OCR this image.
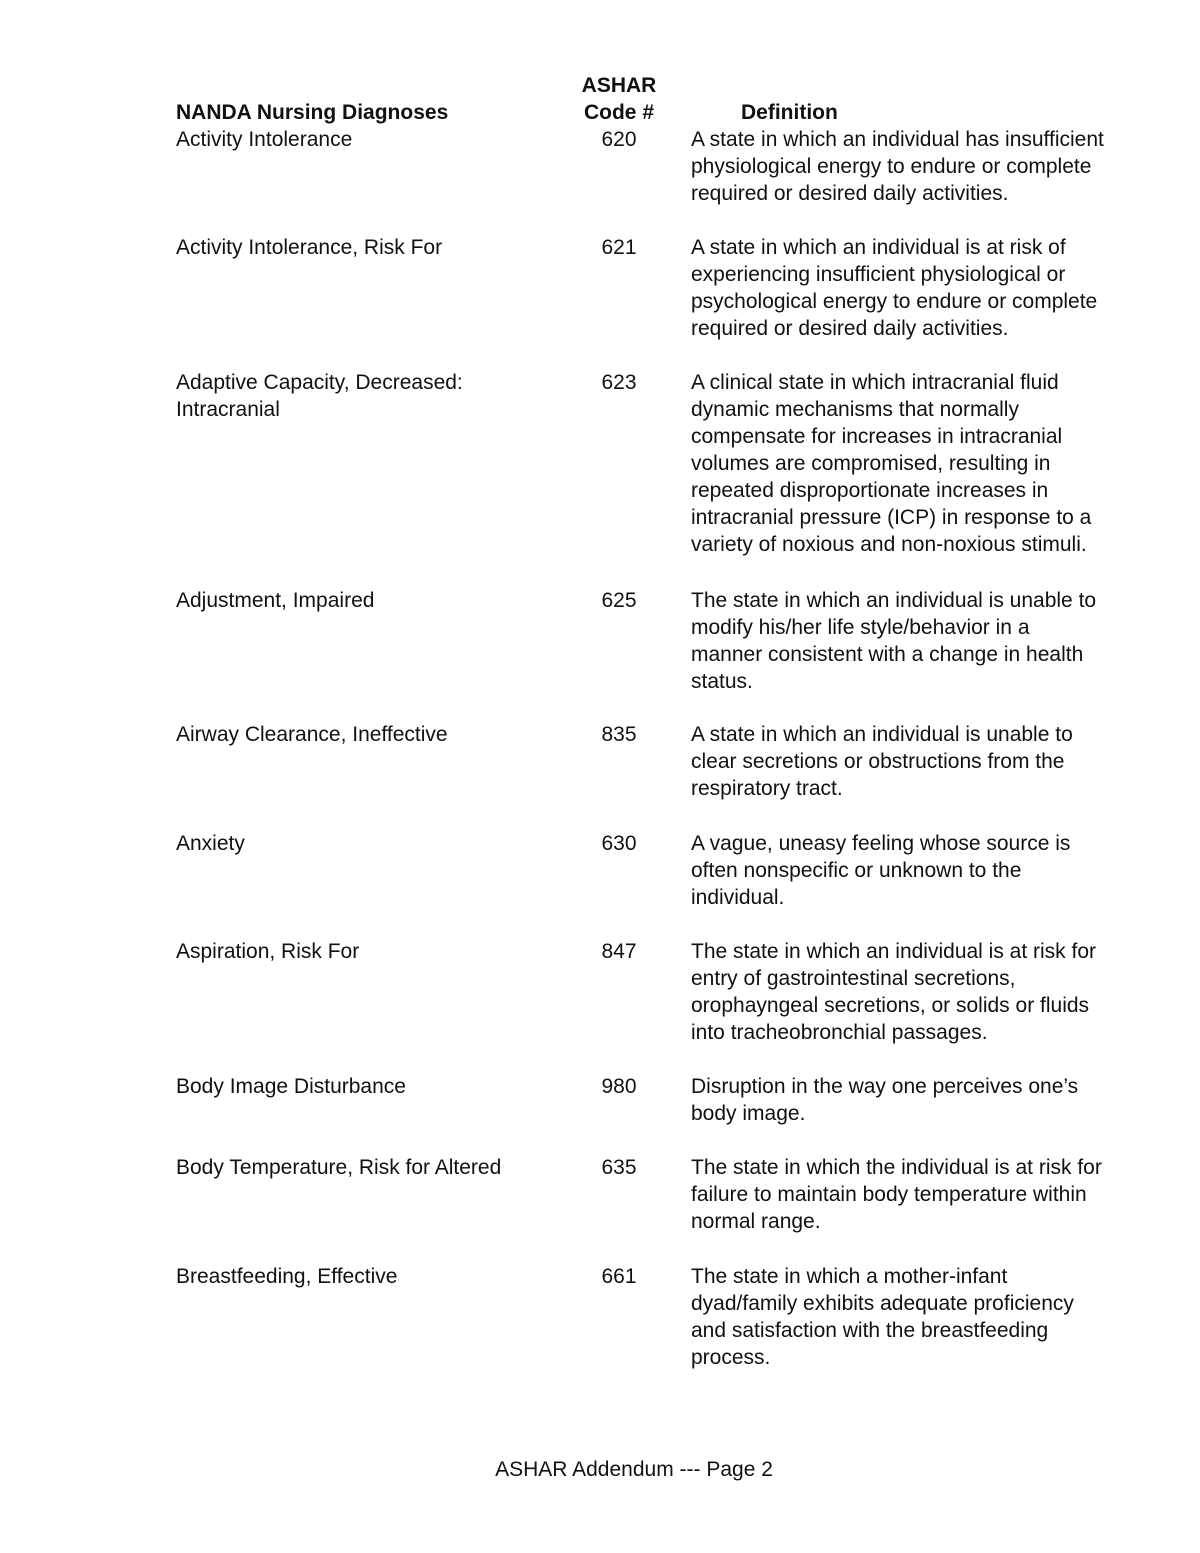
NANDA Nursing Diagnoses
ASHAR
Code #	Definition
Activity Intolerance	620	A state in which an individual has insufficient
physiological energy to endure or complete
required or desired daily activities.
Activity Intolerance, Risk For	621	A state in which an individual is at risk of
experiencing insufficient physiological or
psychological energy to endure or complete
required or desired daily activities.
Adaptive Capacity, Decreased:
Intracranial
623	A clinical state in which intracranial fluid
dynamic mechanisms that normally
compensate for increases in intracranial
volumes are compromised, resulting in
repeated disproportionate increases in
intracranial pressure (ICP) in response to a
variety of noxious and non-noxious stimuli.
Adjustment, Impaired	625	The state in which an individual is unable to
modify his/her life style/behavior in a
manner consistent with a change in health
status.
Airway Clearance, Ineffective	835	A state in which an individual is unable to
clear secretions or obstructions from the
respiratory tract.
Anxiety	630	A vague, uneasy feeling whose source is
often nonspecific or unknown to the
individual.
Aspiration, Risk For	847	The state in which an individual is at risk for
entry of gastrointestinal secretions,
orophayngeal secretions, or solids or fluids
into tracheobronchial passages.
Body Image Disturbance	980	Disruption in the way one perceives one’s
body image.
Body Temperature, Risk for Altered	635	The state in which the individual is at risk for
failure to maintain body temperature within
normal range.
Breastfeeding, Effective	661	The state in which a mother-infant
dyad/family exhibits adequate proficiency
and satisfaction with the breastfeeding
process.
ASHAR Addendum --- Page 2
